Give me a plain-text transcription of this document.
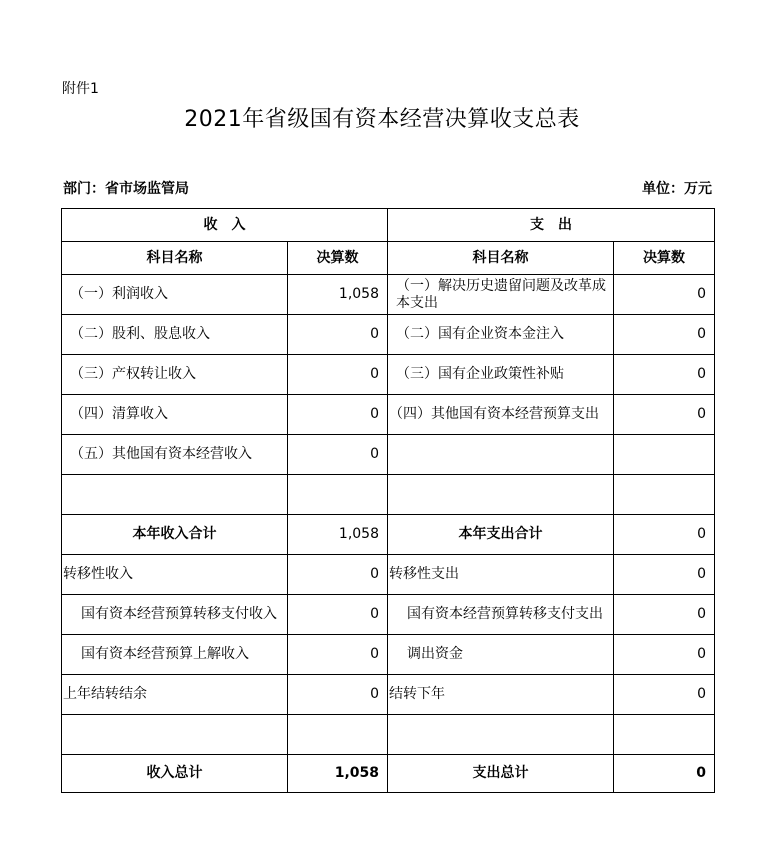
附件1
2021年省级国有资本经营决算收支总表
部门：省市场监管局	单位：万元
收　入		支　出	
科目名称	决算数	科目名称	决算数
（一）利润收入	1,058	（一）解决历史遗留问题及改革成本支出	0
（二）股利、股息收入	0	（二）国有企业资本金注入	0
（三）产权转让收入	0	（三）国有企业政策性补贴	0
（四）清算收入	0	（四）其他国有资本经营预算支出	0
（五）其他国有资本经营收入	0		

本年收入合计	1,058	本年支出合计	0
转移性收入	0	转移性支出	0
国有资本经营预算转移支付收入	0	国有资本经营预算转移支付支出	0
国有资本经营预算上解收入	0	调出资金	0
上年结转结余	0	结转下年	0

收入总计	1,058	支出总计	0
